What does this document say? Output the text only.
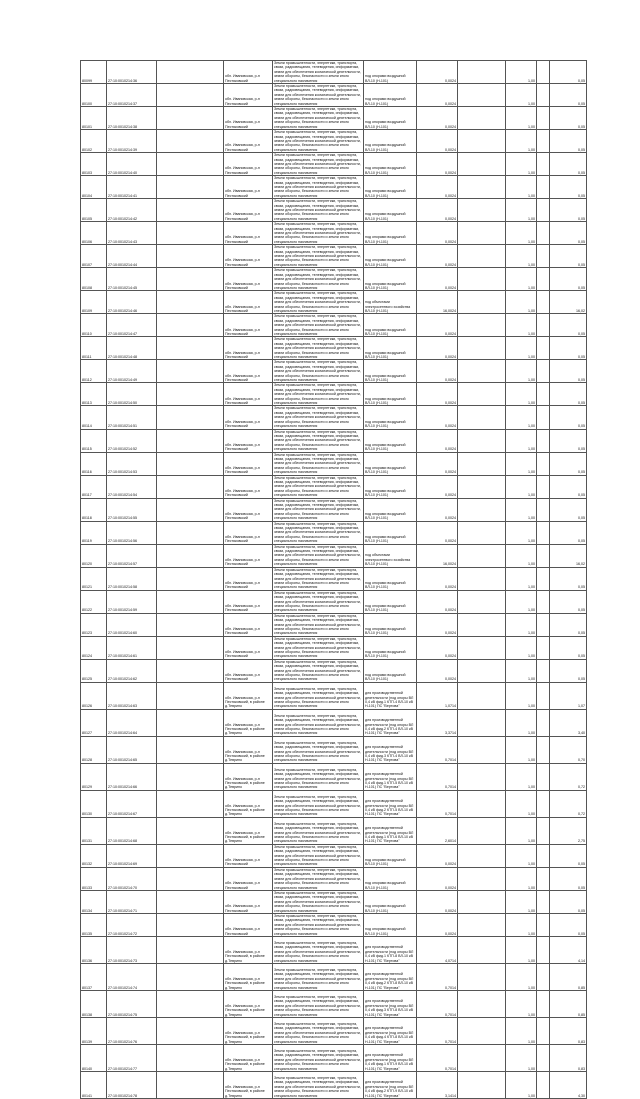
80099	27:10:0010214:36		обл. Ивановская, р-н Пестяковский	Земли промышленности, энергетики, транспорта, связи, радиовещания, телевидения, информатики, земли для обеспечения космической деятельности, земли обороны, безопасности и земли иного специального назначения	под опорами воздушной ВЛ-10 (Н-101)	0,0024		1,00		0,05
80100	27:10:0010214:37		обл. Ивановская, р-н Пестяковский	Земли промышленности, энергетики, транспорта, связи, радиовещания, телевидения, информатики, земли для обеспечения космической деятельности, земли обороны, безопасности и земли иного специального назначения	под опорами воздушной ВЛ-10 (Н-101)	0,0024		1,00		0,05
80101	27:10:0010214:38		обл. Ивановская, р-н Пестяковский	Земли промышленности, энергетики, транспорта, связи, радиовещания, телевидения, информатики, земли для обеспечения космической деятельности, земли обороны, безопасности и земли иного специального назначения	под опорами воздушной ВЛ-10 (Н-101)	0,0024		1,00		0,05
80102	27:10:0010214:39		обл. Ивановская, р-н Пестяковский	Земли промышленности, энергетики, транспорта, связи, радиовещания, телевидения, информатики, земли для обеспечения космической деятельности, земли обороны, безопасности и земли иного специального назначения	под опорами воздушной ВЛ-10 (Н-101)	0,0024		1,00		0,05
80103	27:10:0010214:40		обл. Ивановская, р-н Пестяковский	Земли промышленности, энергетики, транспорта, связи, радиовещания, телевидения, информатики, земли для обеспечения космической деятельности, земли обороны, безопасности и земли иного специального назначения	под опорами воздушной ВЛ-10 (Н-101)	0,0024		1,00		0,05
80104	27:10:0010214:41		обл. Ивановская, р-н Пестяковский	Земли промышленности, энергетики, транспорта, связи, радиовещания, телевидения, информатики, земли для обеспечения космической деятельности, земли обороны, безопасности и земли иного специального назначения	под опорами воздушной ВЛ-10 (Н-101)	0,0024		1,00		0,05
80105	27:10:0010214:42		обл. Ивановская, р-н Пестяковский	Земли промышленности, энергетики, транспорта, связи, радиовещания, телевидения, информатики, земли для обеспечения космической деятельности, земли обороны, безопасности и земли иного специального назначения	под опорами воздушной ВЛ-10 (Н-101)	0,0024		1,00		0,05
80106	27:10:0010214:43		обл. Ивановская, р-н Пестяковский	Земли промышленности, энергетики, транспорта, связи, радиовещания, телевидения, информатики, земли для обеспечения космической деятельности, земли обороны, безопасности и земли иного специального назначения	под опорами воздушной ВЛ-10 (Н-101)	0,0024		1,00		0,05
80107	27:10:0010214:44		обл. Ивановская, р-н Пестяковский	Земли промышленности, энергетики, транспорта, связи, радиовещания, телевидения, информатики, земли для обеспечения космической деятельности, земли обороны, безопасности и земли иного специального назначения	под опорами воздушной ВЛ-10 (Н-101)	0,0024		1,00		0,05
80108	27:10:0010214:45		обл. Ивановская, р-н Пестяковский	Земли промышленности, энергетики, транспорта, связи, радиовещания, телевидения, информатики, земли для обеспечения космической деятельности, земли обороны, безопасности и земли иного специального назначения	под опорами воздушной ВЛ-10 (Н-101)	0,0024		1,00		0,05
80109	27:10:0010214:46		обл. Ивановская, р-н Пестяковский	Земли промышленности, энергетики, транспорта, связи, радиовещания, телевидения, информатики, земли для обеспечения космической деятельности, земли обороны, безопасности и земли иного специального назначения	под объектами электросетевого хозяйства ВЛ-10 (Н-101)	16,0024		1,00		16,02
80110	27:10:0010214:47		обл. Ивановская, р-н Пестяковский	Земли промышленности, энергетики, транспорта, связи, радиовещания, телевидения, информатики, земли для обеспечения космической деятельности, земли обороны, безопасности и земли иного специального назначения	под опорами воздушной ВЛ-10 (Н-101)	0,0024		1,00		0,05
80111	27:10:0010214:48		обл. Ивановская, р-н Пестяковский	Земли промышленности, энергетики, транспорта, связи, радиовещания, телевидения, информатики, земли для обеспечения космической деятельности, земли обороны, безопасности и земли иного специального назначения	под опорами воздушной ВЛ-10 (Н-101)	0,0024		1,00		0,05
80112	27:10:0010214:49		обл. Ивановская, р-н Пестяковский	Земли промышленности, энергетики, транспорта, связи, радиовещания, телевидения, информатики, земли для обеспечения космической деятельности, земли обороны, безопасности и земли иного специального назначения	под опорами воздушной ВЛ-10 (Н-101)	0,0024		1,00		0,05
80113	27:10:0010214:50		обл. Ивановская, р-н Пестяковский	Земли промышленности, энергетики, транспорта, связи, радиовещания, телевидения, информатики, земли для обеспечения космической деятельности, земли обороны, безопасности и земли иного специального назначения	под опорами воздушной ВЛ-10 (Н-101)	0,0024		1,00		0,05
80114	27:10:0010214:51		обл. Ивановская, р-н Пестяковский	Земли промышленности, энергетики, транспорта, связи, радиовещания, телевидения, информатики, земли для обеспечения космической деятельности, земли обороны, безопасности и земли иного специального назначения	под опорами воздушной ВЛ-10 (Н-101)	0,0024		1,00		0,05
80115	27:10:0010214:52		обл. Ивановская, р-н Пестяковский	Земли промышленности, энергетики, транспорта, связи, радиовещания, телевидения, информатики, земли для обеспечения космической деятельности, земли обороны, безопасности и земли иного специального назначения	под опорами воздушной ВЛ-10 (Н-101)	0,0024		1,00		0,05
80116	27:10:0010214:53		обл. Ивановская, р-н Пестяковский	Земли промышленности, энергетики, транспорта, связи, радиовещания, телевидения, информатики, земли для обеспечения космической деятельности, земли обороны, безопасности и земли иного специального назначения	под опорами воздушной ВЛ-10 (Н-101)	0,0024		1,00		0,05
80117	27:10:0010214:54		обл. Ивановская, р-н Пестяковский	Земли промышленности, энергетики, транспорта, связи, радиовещания, телевидения, информатики, земли для обеспечения космической деятельности, земли обороны, безопасности и земли иного специального назначения	под опорами воздушной ВЛ-10 (Н-101)	0,0024		1,00		0,05
80118	27:10:0010214:55		обл. Ивановская, р-н Пестяковский	Земли промышленности, энергетики, транспорта, связи, радиовещания, телевидения, информатики, земли для обеспечения космической деятельности, земли обороны, безопасности и земли иного специального назначения	под опорами воздушной ВЛ-10 (Н-101)	0,0024		1,00		0,05
80119	27:10:0010214:56		обл. Ивановская, р-н Пестяковский	Земли промышленности, энергетики, транспорта, связи, радиовещания, телевидения, информатики, земли для обеспечения космической деятельности, земли обороны, безопасности и земли иного специального назначения	под опорами воздушной ВЛ-10 (Н-101)	0,0024		1,00		0,05
80120	27:10:0010214:57		обл. Ивановская, р-н Пестяковский	Земли промышленности, энергетики, транспорта, связи, радиовещания, телевидения, информатики, земли для обеспечения космической деятельности, земли обороны, безопасности и земли иного специального назначения	под объектами электросетевого хозяйства ВЛ-10 (Н-101)	16,0024		1,00		16,02
80121	27:10:0010214:58		обл. Ивановская, р-н Пестяковский	Земли промышленности, энергетики, транспорта, связи, радиовещания, телевидения, информатики, земли для обеспечения космической деятельности, земли обороны, безопасности и земли иного специального назначения	под опорами воздушной ВЛ-10 (Н-101)	0,0024		1,00		0,05
80122	27:10:0010214:59		обл. Ивановская, р-н Пестяковский	Земли промышленности, энергетики, транспорта, связи, радиовещания, телевидения, информатики, земли для обеспечения космической деятельности, земли обороны, безопасности и земли иного специального назначения	под опорами воздушной ВЛ-10 (Н-101)	0,0024		1,00		0,05
80123	27:10:0010214:60		обл. Ивановская, р-н Пестяковский	Земли промышленности, энергетики, транспорта, связи, радиовещания, телевидения, информатики, земли для обеспечения космической деятельности, земли обороны, безопасности и земли иного специального назначения	под опорами воздушной ВЛ-10 (Н-101)	0,0024		1,00		0,05
80124	27:10:0010214:61		обл. Ивановская, р-н Пестяковский	Земли промышленности, энергетики, транспорта, связи, радиовещания, телевидения, информатики, земли для обеспечения космической деятельности, земли обороны, безопасности и земли иного специального назначения	под опорами воздушной ВЛ-10 (Н-101)	0,0024		1,00		0,05
80125	27:10:0010214:62		обл. Ивановская, р-н Пестяковский	Земли промышленности, энергетики, транспорта, связи, радиовещания, телевидения, информатики, земли для обеспечения космической деятельности, земли обороны, безопасности и земли иного специального назначения	под опорами воздушной ВЛ-10 (Н-101)	0,0024		1,00		0,05
80126	27:10:0010214:63		обл. Ивановская, р-н Пестяковский, в районе д.Теврино	Земли промышленности, энергетики, транспорта, связи, радиовещания, телевидения, информатики, земли для обеспечения космической деятельности, земли обороны, безопасности и земли иного специального назначения	для производственной деятельности (под опоры ВЛ 0,4 кВ фид.1 КТП-4 ВЛ-10 кВ Н-101) ПС "Вертова"	1,0714		1,00		1,07
80127	27:10:0010214:64		обл. Ивановская, р-н Пестяковский, в районе д.Теврино	Земли промышленности, энергетики, транспорта, связи, радиовещания, телевидения, информатики, земли для обеспечения космической деятельности, земли обороны, безопасности и земли иного специального назначения	для производственной деятельности (под опоры ВЛ 0,4 кВ фид.2 КТП-4 ВЛ-10 кВ Н-101) ПС "Вертова"	3,3714		1,00		3,40
80128	27:10:0010214:65		обл. Ивановская, р-н Пестяковский, в районе д.Теврино	Земли промышленности, энергетики, транспорта, связи, радиовещания, телевидения, информатики, земли для обеспечения космической деятельности, земли обороны, безопасности и земли иного специального назначения	для производственной деятельности (под опоры ВЛ 0,4 кВ фид.3 КТП-4 ВЛ-10 кВ Н-101) ПС "Вертова"	0,7014		1,00		0,70
80129	27:10:0010214:66		обл. Ивановская, р-н Пестяковский, в районе д.Теврино	Земли промышленности, энергетики, транспорта, связи, радиовещания, телевидения, информатики, земли для обеспечения космической деятельности, земли обороны, безопасности и земли иного специального назначения	для производственной деятельности (под опоры ВЛ 0,4 кВ фид.1 КТП-5 ВЛ-10 кВ Н-101) ПС "Вертова"	0,7014		1,00		0,72
80130	27:10:0010214:67		обл. Ивановская, р-н Пестяковский, в районе д.Теврино	Земли промышленности, энергетики, транспорта, связи, радиовещания, телевидения, информатики, земли для обеспечения космической деятельности, земли обороны, безопасности и земли иного специального назначения	для производственной деятельности (под опоры ВЛ 0,4 кВ фид.2 КТП-5 ВЛ-10 кВ Н-101) ПС "Вертова"	0,7014		1,00		0,72
80131	27:10:0010214:68		обл. Ивановская, р-н Пестяковский, в районе д.Теврино	Земли промышленности, энергетики, транспорта, связи, радиовещания, телевидения, информатики, земли для обеспечения космической деятельности, земли обороны, безопасности и земли иного специального назначения	для производственной деятельности (под опоры ВЛ 0,4 кВ фид.1 КТП-6 ВЛ-10 кВ Н-101) ПС "Вертова"	2,6014		1,00		2,75
80132	27:10:0010214:69		обл. Ивановская, р-н Пестяковский	Земли промышленности, энергетики, транспорта, связи, радиовещания, телевидения, информатики, земли для обеспечения космической деятельности, земли обороны, безопасности и земли иного специального назначения	под опорами воздушной ВЛ-10 (Н-101)	0,0024		1,00		0,05
80133	27:10:0010214:70		обл. Ивановская, р-н Пестяковский	Земли промышленности, энергетики, транспорта, связи, радиовещания, телевидения, информатики, земли для обеспечения космической деятельности, земли обороны, безопасности и земли иного специального назначения	под опорами воздушной ВЛ-10 (Н-101)	0,0024		1,00		0,05
80134	27:10:0010214:71		обл. Ивановская, р-н Пестяковский	Земли промышленности, энергетики, транспорта, связи, радиовещания, телевидения, информатики, земли для обеспечения космической деятельности, земли обороны, безопасности и земли иного специального назначения	под опорами воздушной ВЛ-10 (Н-101)	0,0024		1,00		0,05
80135	27:10:0010214:72		обл. Ивановская, р-н Пестяковский	Земли промышленности, энергетики, транспорта, связи, радиовещания, телевидения, информатики, земли для обеспечения космической деятельности, земли обороны, безопасности и земли иного специального назначения	под опорами воздушной ВЛ-10 (Н-101)	0,0024		1,00		0,05
80136	27:10:0010214:73		обл. Ивановская, р-н Пестяковский, в районе д.Теврино	Земли промышленности, энергетики, транспорта, связи, радиовещания, телевидения, информатики, земли для обеспечения космической деятельности, земли обороны, безопасности и земли иного специального назначения	для производственной деятельности (под опоры ВЛ 0,4 кВ фид.1 КТП-8 ВЛ-10 кВ Н-101) ПС "Вертова"	4,0714		1,00		4,14
80137	27:10:0010214:74		обл. Ивановская, р-н Пестяковский, в районе д.Теврино	Земли промышленности, энергетики, транспорта, связи, радиовещания, телевидения, информатики, земли для обеспечения космической деятельности, земли обороны, безопасности и земли иного специального назначения	для производственной деятельности (под опоры ВЛ 0,4 кВ фид.2 КТП-8 ВЛ-10 кВ Н-101) ПС "Вертова"	0,7014		1,00		0,85
80138	27:10:0010214:75		обл. Ивановская, р-н Пестяковский, в районе д.Теврино	Земли промышленности, энергетики, транспорта, связи, радиовещания, телевидения, информатики, земли для обеспечения космической деятельности, земли обороны, безопасности и земли иного специального назначения	для производственной деятельности (под опоры ВЛ 0,4 кВ фид.3 КТП-8 ВЛ-10 кВ Н-101) ПС "Вертова"	0,7014		1,00		0,85
80139	27:10:0010214:76		обл. Ивановская, р-н Пестяковский, в районе д.Теврино	Земли промышленности, энергетики, транспорта, связи, радиовещания, телевидения, информатики, земли для обеспечения космической деятельности, земли обороны, безопасности и земли иного специального назначения	для производственной деятельности (под опоры ВЛ 0,4 кВ фид.4 КТП-8 ВЛ-10 кВ Н-101) ПС "Вертова"	0,7014		1,00		0,83
80140	27:10:0010214:77		обл. Ивановская, р-н Пестяковский, в районе д.Теврино	Земли промышленности, энергетики, транспорта, связи, радиовещания, телевидения, информатики, земли для обеспечения космической деятельности, земли обороны, безопасности и земли иного специального назначения	для производственной деятельности (под опоры ВЛ 0,4 кВ фид.1 КТП-9 ВЛ-10 кВ Н-101) ПС "Вертова"	0,7014		1,00		0,83
80141	27:10:0010214:78		обл. Ивановская, р-н Пестяковский, в районе д.Теврино	Земли промышленности, энергетики, транспорта, связи, радиовещания, телевидения, информатики, земли для обеспечения космической деятельности, земли обороны, безопасности и земли иного специального назначения	для производственной деятельности (под опоры ВЛ 0,4 кВ фид.2 КТП-9 ВЛ-10 кВ Н-101) ПС "Вертова"	3,1414		1,00		4,30
